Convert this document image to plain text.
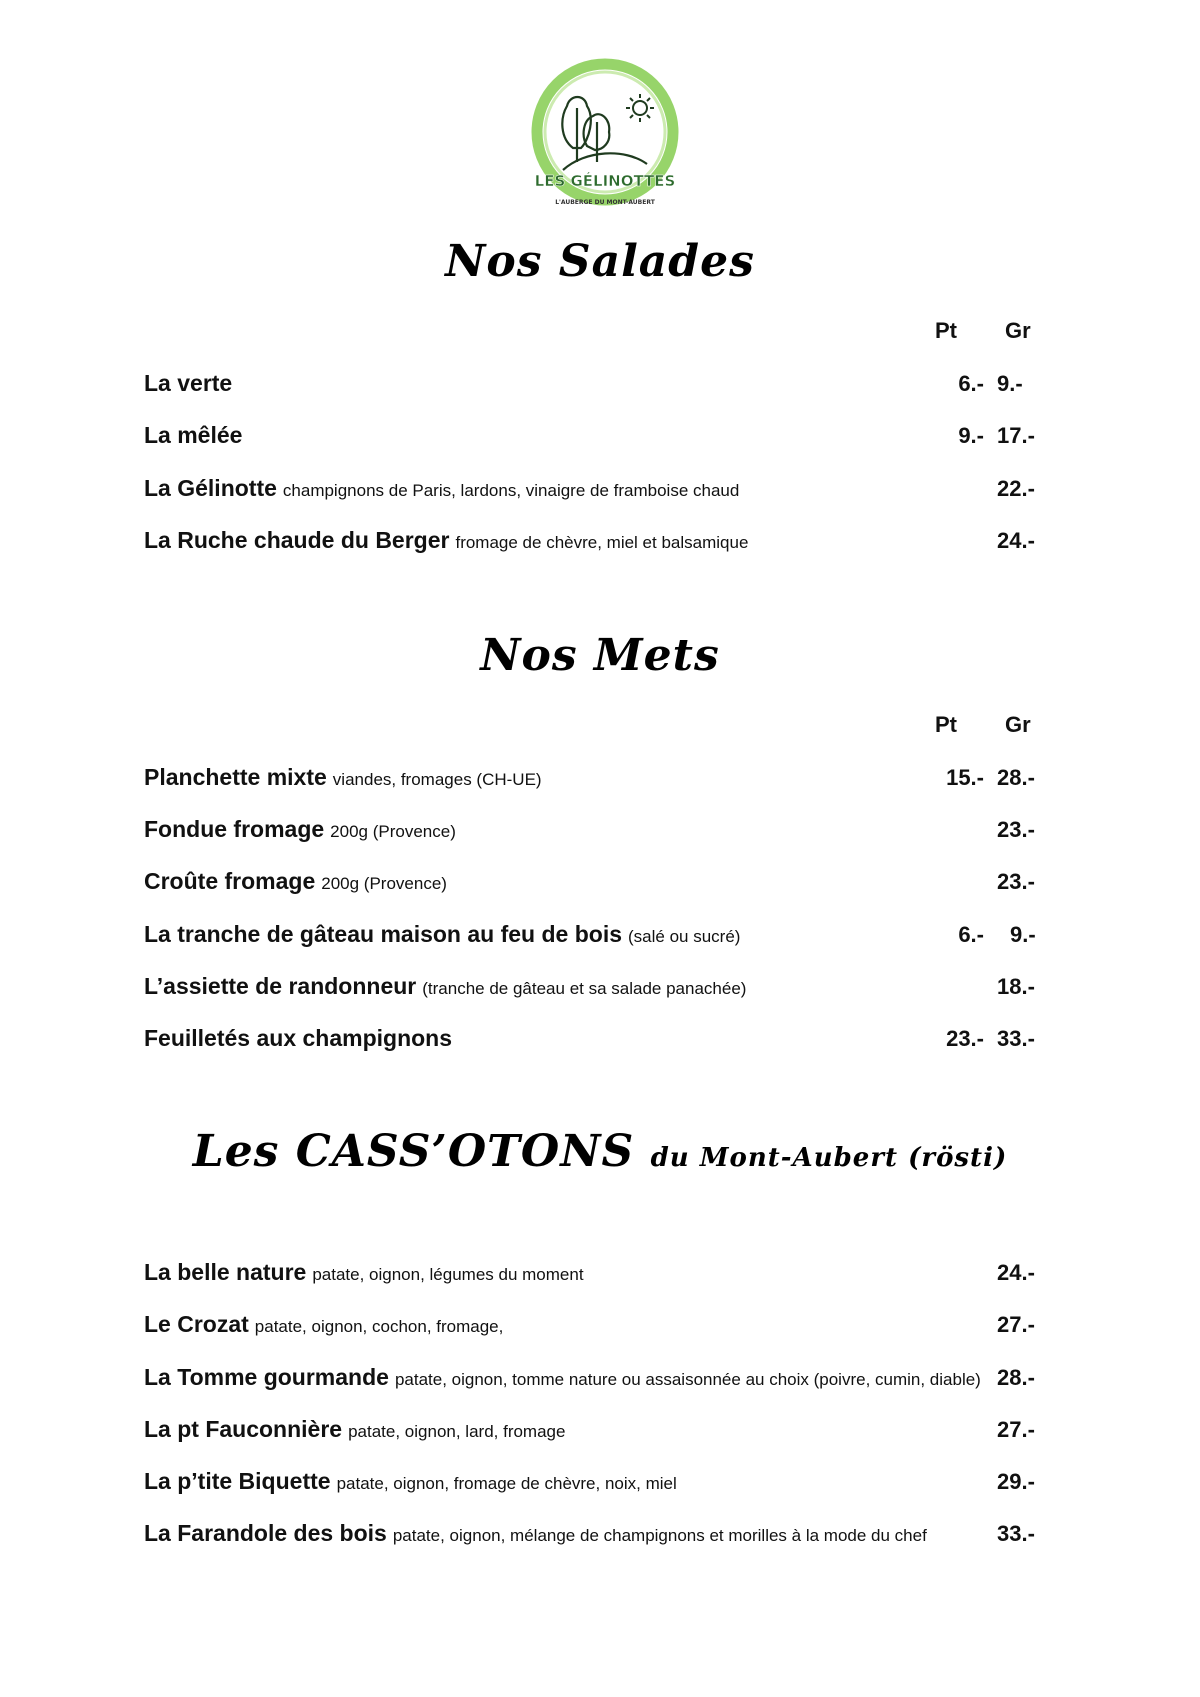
LES GÉLINOTTES
L'AUBERGE DU MONT-AUBERT
Nos Salades
Pt Gr
La verte	6.- 9.-
La mêlée	9.- 17.-
La Gélinotte champignons de Paris, lardons, vinaigre de framboise chaud	22.-
La Ruche chaude du Berger fromage de chèvre, miel et balsamique	24.-
Nos Mets
Pt Gr
Planchette mixte viandes, fromages (CH-UE)	15.- 28.-
Fondue fromage 200g (Provence)	23.-
Croûte fromage 200g (Provence)	23.-
La tranche de gâteau maison au feu de bois (salé ou sucré)	6.- 9.-
L’assiette de randonneur (tranche de gâteau et sa salade panachée)	18.-
Feuilletés aux champignons	23.- 33.-
Les CASS’OTONS du Mont-Aubert (rösti)
La belle nature patate, oignon, légumes du moment	24.-
Le Crozat patate, oignon, cochon, fromage,	27.-
La Tomme gourmande patate, oignon, tomme nature ou assaisonnée au choix (poivre, cumin, diable) 28.-
La pt Fauconnière patate, oignon, lard, fromage	27.-
La p’tite Biquette patate, oignon, fromage de chèvre, noix, miel	29.-
La Farandole des bois patate, oignon, mélange de champignons et morilles à la mode du chef	33.-
